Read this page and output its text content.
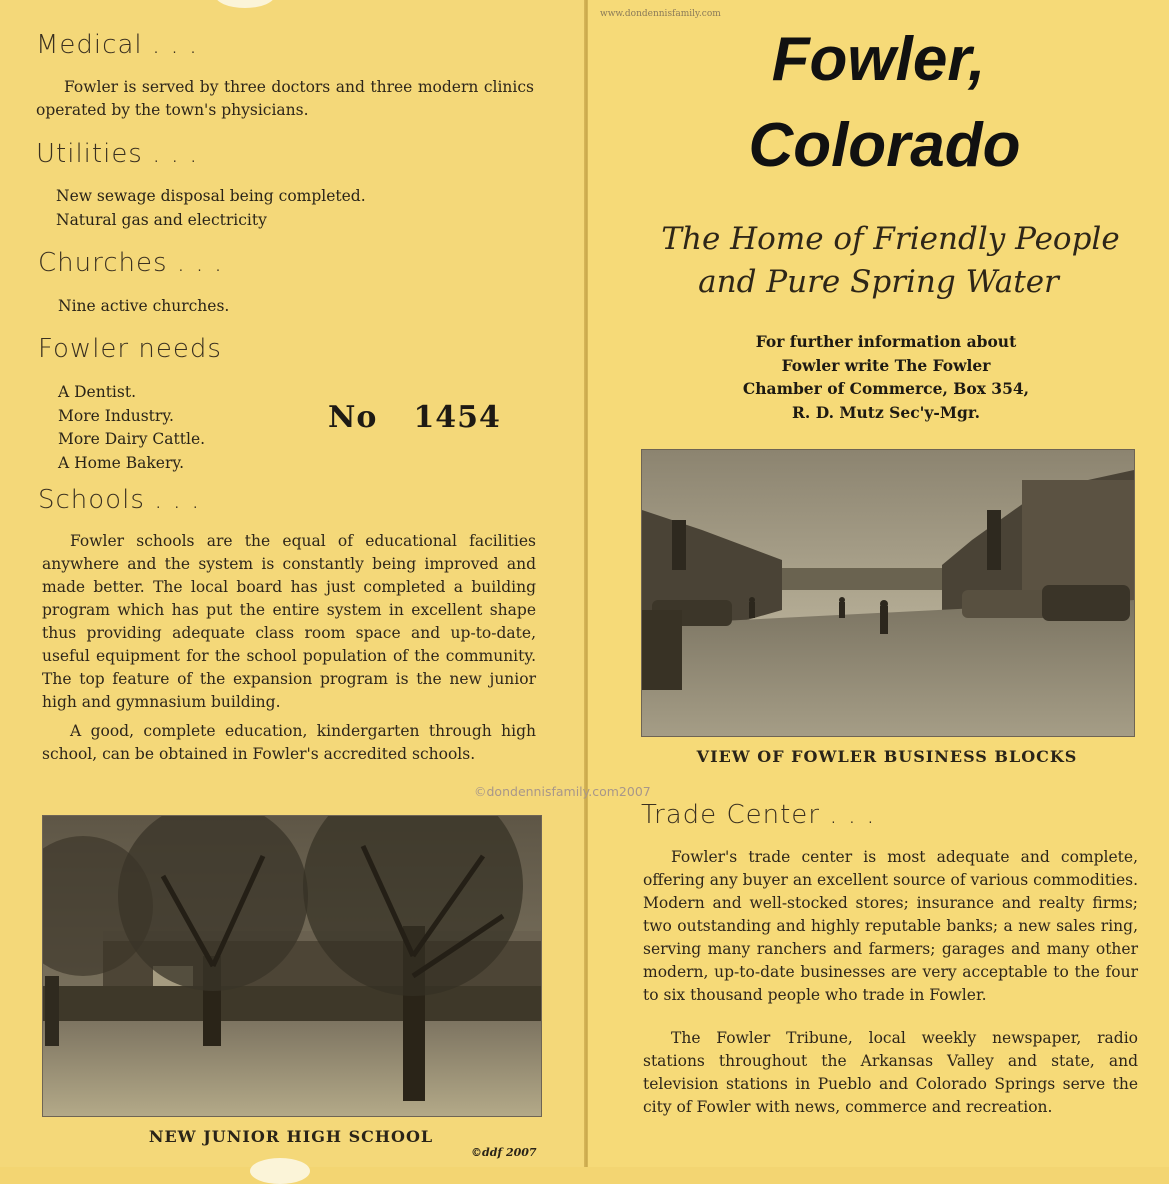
Medical . . .

Fowler is served by three doctors and three modern clinics operated by the town's physicians.

Utilities . . .
New sewage disposal being completed.
Natural gas and electricity
Churches . . .
Nine active churches.
Fowler needs
A Dentist.
More Industry.
More Dairy Cattle.
A Home Bakery.
No 1454
Schools . . .

Fowler schools are the equal of educational facilities anywhere and the system is constantly being improved and made better. The local board has just completed a building program which has put the entire system in excellent shape thus providing adequate class room space and up-to-date, useful equipment for the school population of the community. The top feature of the expansion program is the new junior high and gymnasium building.

A good, complete education, kindergarten through high school, can be obtained in Fowler's accredited schools.

NEW JUNIOR HIGH SCHOOL
©ddf 2007
www.dondennisfamily.com
Fowler,
Colorado
The Home of Friendly People
and Pure Spring Water
For further information about
Fowler write The Fowler
Chamber of Commerce, Box 354,
R. D. Mutz Sec'y-Mgr.
VIEW OF FOWLER BUSINESS BLOCKS
Trade Center . . .

Fowler's trade center is most adequate and complete, offering any buyer an excellent source of various commodities. Modern and well-stocked stores; insurance and realty firms; two outstanding and highly reputable banks; a new sales ring, serving many ranchers and farmers; garages and many other modern, up-to-date businesses are very acceptable to the four to six thousand people who trade in Fowler.

The Fowler Tribune, local weekly newspaper, radio stations throughout the Arkansas Valley and state, and television stations in Pueblo and Colorado Springs serve the city of Fowler with news, commerce and recreation.

©dondennisfamily.com2007
